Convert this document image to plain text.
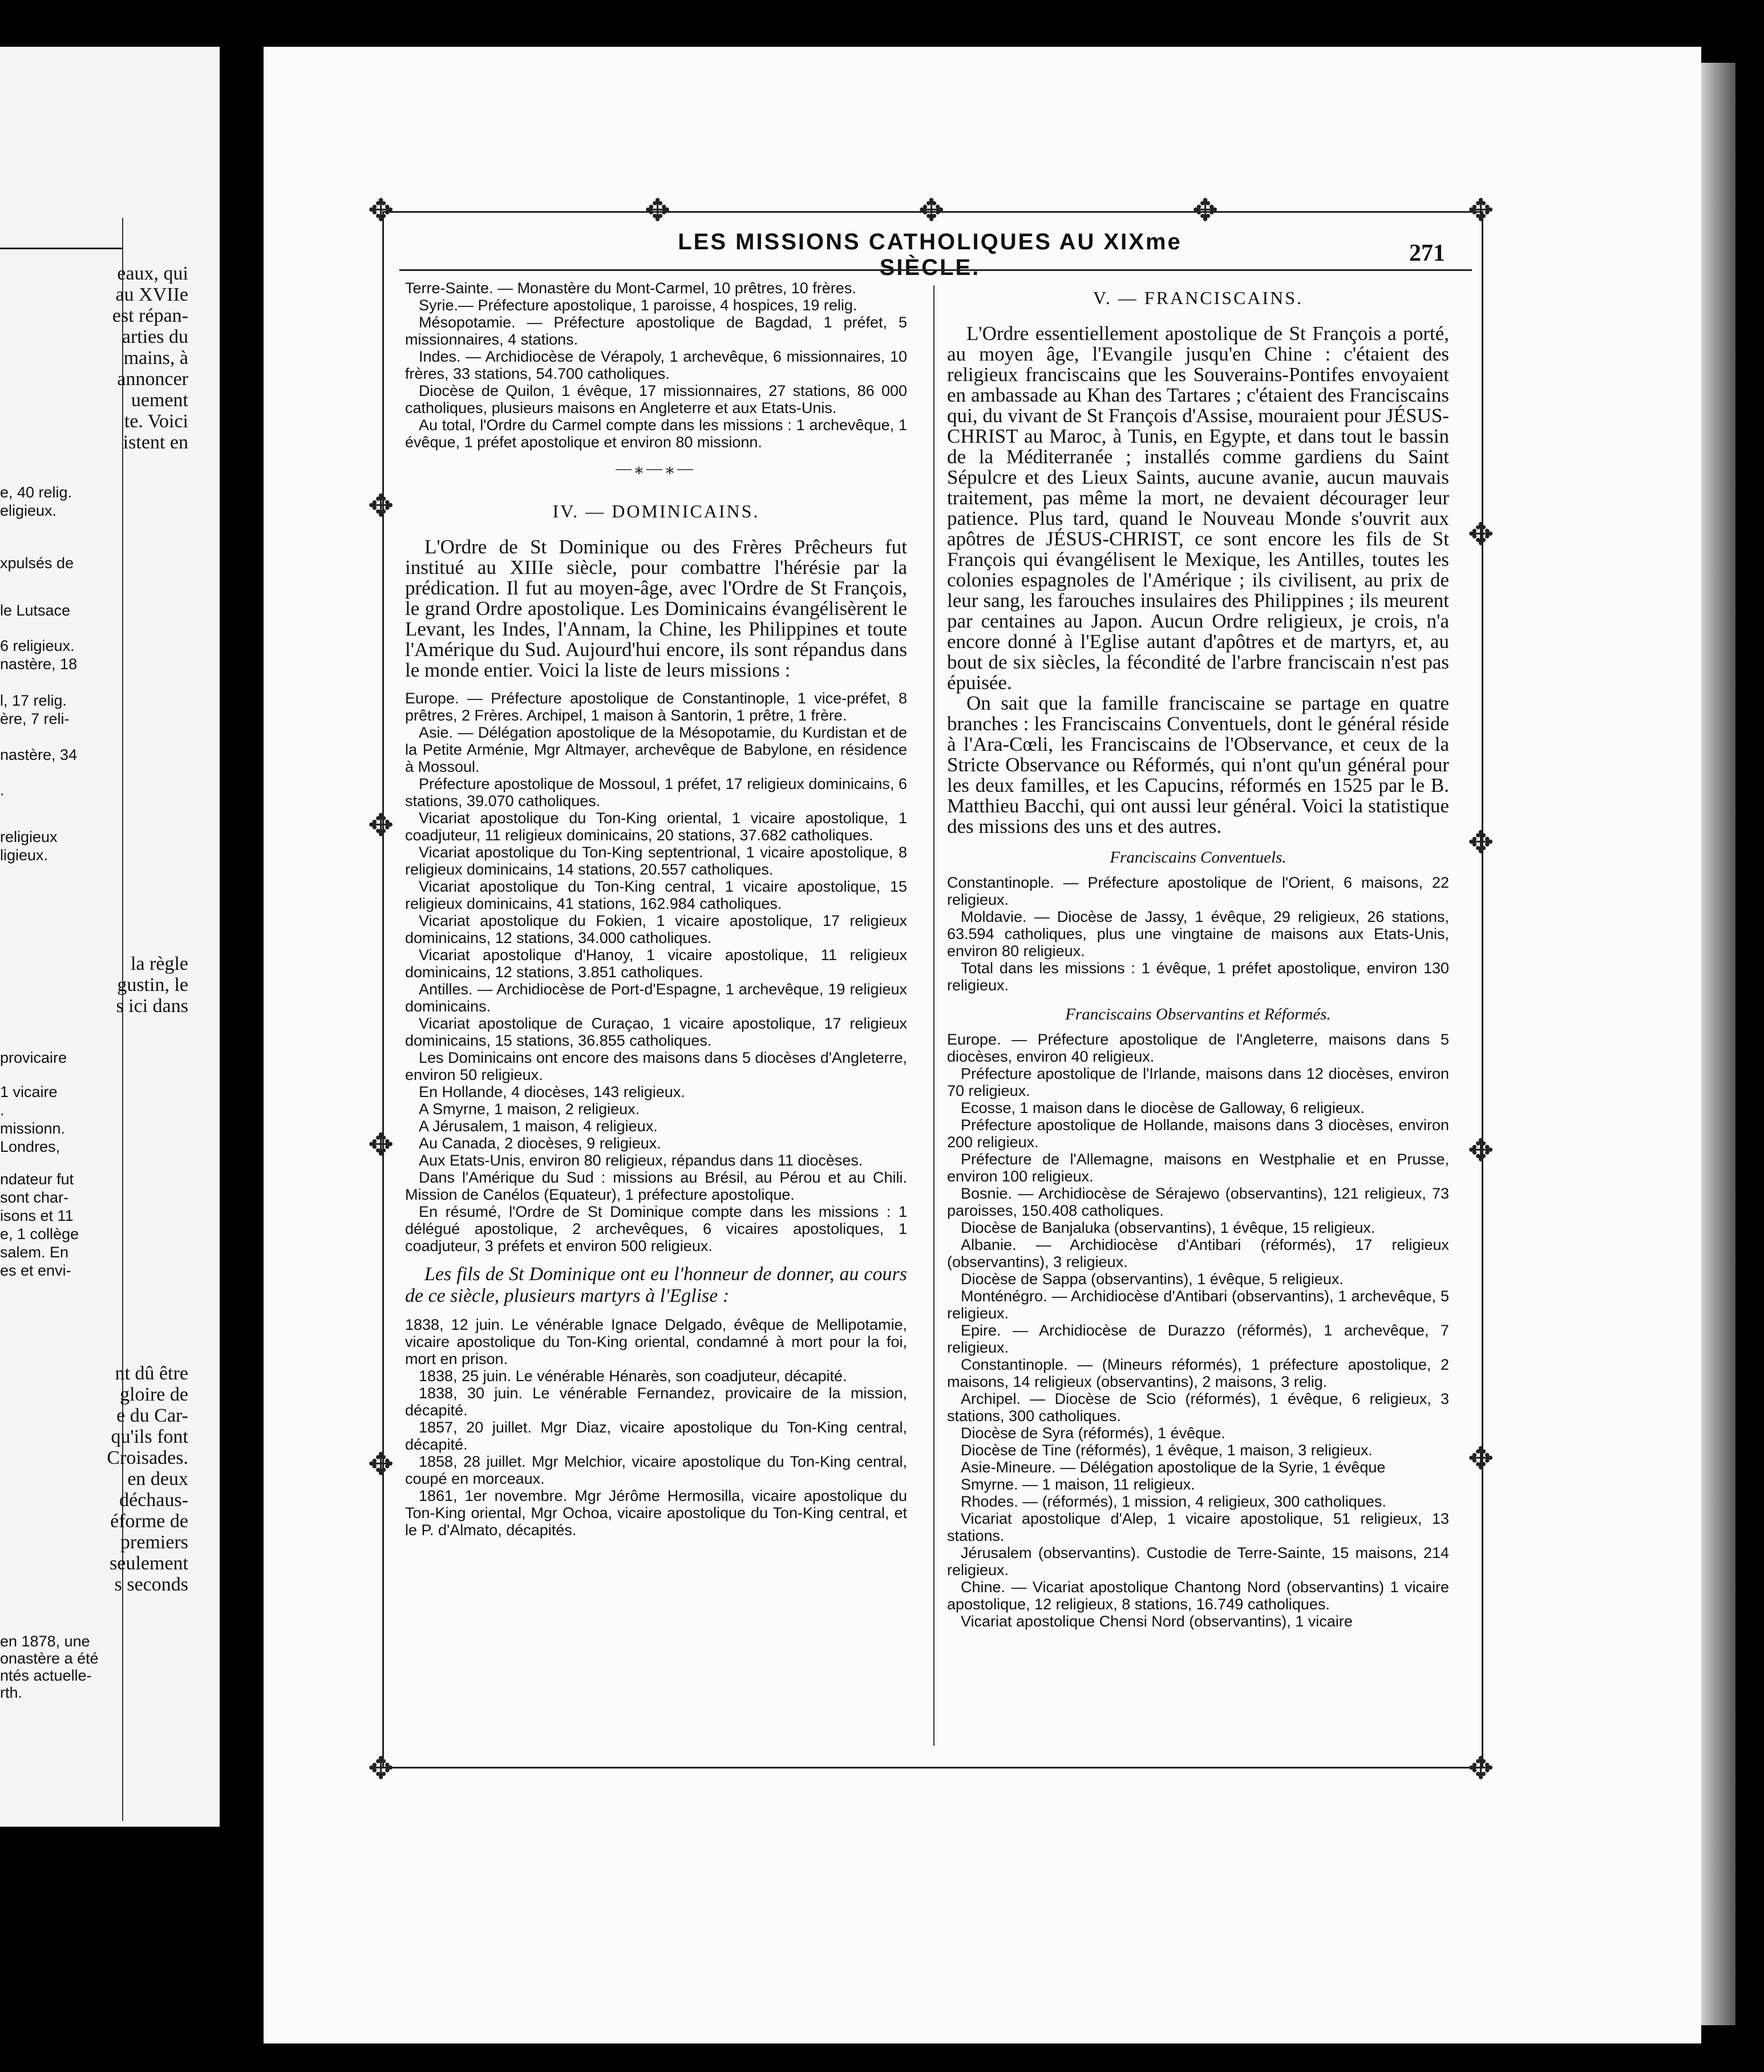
eaux, qui
au XVIIe
est répan-
arties du
mains, à
annoncer
uement
te. Voici
istent en
e, 40 relig.
eligieux.
xpulsés de
le Lutsace
6 religieux.
nastère, 18
l, 17 relig.
ère, 7 reli-
nastère, 34
.
religieux
ligieux.
la règle
gustin, le
s ici dans
provicaire
1 vicaire
.
missionn.
Londres,
ndateur fut
sont char-
isons et 11
e, 1 collège
salem. En
es et envi-
nt dû être
gloire de
e du Car-
qu'ils font
Croisades.
en deux
déchaus-
éforme de
premiers
seulement
s seconds
en 1878, une
onastère a été
ntés actuelle-
rth.
✥	✥
✥	✥
✥	✥	✥
✥
✥
✥
✥
✥
✥
✥
✥
LES MISSIONS CATHOLIQUES AU XIXme SIÈCLE.
271

Terre-Sainte. — Monastère du Mont-Carmel, 10 prêtres, 10 frères.

Syrie.— Préfecture apostolique, 1 paroisse, 4 hospices, 19 relig.

Mésopotamie. — Préfecture apostolique de Bagdad, 1 préfet, 5 missionnaires, 4 stations.

Indes. — Archidiocèse de Vérapoly, 1 archevêque, 6 missionnaires, 10 frères, 33 stations, 54.700 catholiques.

Diocèse de Quilon, 1 évêque, 17 missionnaires, 27 stations, 86 000 catholiques, plusieurs maisons en Angleterre et aux Etats-Unis.

Au total, l'Ordre du Carmel compte dans les missions : 1 archevêque, 1 évêque, 1 préfet apostolique et environ 80 missionn.

—⁎—⁎—
IV. — DOMINICAINS.

L'Ordre de St Dominique ou des Frères Prêcheurs fut institué au XIIIe siècle, pour combattre l'hérésie par la prédication. Il fut au moyen-âge, avec l'Ordre de St François, le grand Ordre apostolique. Les Dominicains évangélisèrent le Levant, les Indes, l'Annam, la Chine, les Philippines et toute l'Amérique du Sud. Aujourd'hui encore, ils sont répandus dans le monde entier. Voici la liste de leurs missions :

Europe. — Préfecture apostolique de Constantinople, 1 vice-préfet, 8 prêtres, 2 Frères. Archipel, 1 maison à Santorin, 1 prêtre, 1 frère.

Asie. — Délégation apostolique de la Mésopotamie, du Kurdistan et de la Petite Arménie, Mgr Altmayer, archevêque de Babylone, en résidence à Mossoul.

Préfecture apostolique de Mossoul, 1 préfet, 17 religieux dominicains, 6 stations, 39.070 catholiques.

Vicariat apostolique du Ton-King oriental, 1 vicaire apostolique, 1 coadjuteur, 11 religieux dominicains, 20 stations, 37.682 catholiques.

Vicariat apostolique du Ton-King septentrional, 1 vicaire apostolique, 8 religieux dominicains, 14 stations, 20.557 catholiques.

Vicariat apostolique du Ton-King central, 1 vicaire apostolique, 15 religieux dominicains, 41 stations, 162.984 catholiques.

Vicariat apostolique du Fokien, 1 vicaire apostolique, 17 religieux dominicains, 12 stations, 34.000 catholiques.

Vicariat apostolique d'Hanoy, 1 vicaire apostolique, 11 religieux dominicains, 12 stations, 3.851 catholiques.

Antilles. — Archidiocèse de Port-d'Espagne, 1 archevêque, 19 religieux dominicains.

Vicariat apostolique de Curaçao, 1 vicaire apostolique, 17 religieux dominicains, 15 stations, 36.855 catholiques.

Les Dominicains ont encore des maisons dans 5 diocèses d'Angleterre, environ 50 religieux.

En Hollande, 4 diocèses, 143 religieux.

A Smyrne, 1 maison, 2 religieux.

A Jérusalem, 1 maison, 4 religieux.

Au Canada, 2 diocèses, 9 religieux.

Aux Etats-Unis, environ 80 religieux, répandus dans 11 diocèses.

Dans l'Amérique du Sud : missions au Brésil, au Pérou et au Chili. Mission de Canélos (Equateur), 1 préfecture apostolique.

En résumé, l'Ordre de St Dominique compte dans les missions : 1 délégué apostolique, 2 archevêques, 6 vicaires apostoliques, 1 coadjuteur, 3 préfets et environ 500 religieux.

Les fils de St Dominique ont eu l'honneur de donner, au cours de ce siècle, plusieurs martyrs à l'Eglise :

1838, 12 juin. Le vénérable Ignace Delgado, évêque de Mellipotamie, vicaire apostolique du Ton-King oriental, condamné à mort pour la foi, mort en prison.

1838, 25 juin. Le vénérable Hénarès, son coadjuteur, décapité.

1838, 30 juin. Le vénérable Fernandez, provicaire de la mission, décapité.

1857, 20 juillet. Mgr Diaz, vicaire apostolique du Ton-King central, décapité.

1858, 28 juillet. Mgr Melchior, vicaire apostolique du Ton-King central, coupé en morceaux.

1861, 1er novembre. Mgr Jérôme Hermosilla, vicaire apostolique du Ton-King oriental, Mgr Ochoa, vicaire apostolique du Ton-King central, et le P. d'Almato, décapités.

V. — FRANCISCAINS.

L'Ordre essentiellement apostolique de St François a porté, au moyen âge, l'Evangile jusqu'en Chine : c'étaient des religieux franciscains que les Souverains-Pontifes envoyaient en ambassade au Khan des Tartares ; c'étaient des Franciscains qui, du vivant de St François d'Assise, mouraient pour JÉSUS-CHRIST au Maroc, à Tunis, en Egypte, et dans tout le bassin de la Méditerranée ; installés comme gardiens du Saint Sépulcre et des Lieux Saints, aucune avanie, aucun mauvais traitement, pas même la mort, ne devaient décourager leur patience. Plus tard, quand le Nouveau Monde s'ouvrit aux apôtres de JÉSUS-CHRIST, ce sont encore les fils de St François qui évangélisent le Mexique, les Antilles, toutes les colonies espagnoles de l'Amérique ; ils civilisent, au prix de leur sang, les farouches insulaires des Philippines ; ils meurent par centaines au Japon. Aucun Ordre religieux, je crois, n'a encore donné à l'Eglise autant d'apôtres et de martyrs, et, au bout de six siècles, la fécondité de l'arbre franciscain n'est pas épuisée.

On sait que la famille franciscaine se partage en quatre branches : les Franciscains Conventuels, dont le général réside à l'Ara-Cœli, les Franciscains de l'Observance, et ceux de la Stricte Observance ou Réformés, qui n'ont qu'un général pour les deux familles, et les Capucins, réformés en 1525 par le B. Matthieu Bacchi, qui ont aussi leur général. Voici la statistique des missions des uns et des autres.

Franciscains Conventuels.

Constantinople. — Préfecture apostolique de l'Orient, 6 maisons, 22 religieux.

Moldavie. — Diocèse de Jassy, 1 évêque, 29 religieux, 26 stations, 63.594 catholiques, plus une vingtaine de maisons aux Etats-Unis, environ 80 religieux.

Total dans les missions : 1 évêque, 1 préfet apostolique, environ 130 religieux.

Franciscains Observantins et Réformés.

Europe. — Préfecture apostolique de l'Angleterre, maisons dans 5 diocèses, environ 40 religieux.

Préfecture apostolique de l'Irlande, maisons dans 12 diocèses, environ 70 religieux.

Ecosse, 1 maison dans le diocèse de Galloway, 6 religieux.

Préfecture apostolique de Hollande, maisons dans 3 diocèses, environ 200 religieux.

Préfecture de l'Allemagne, maisons en Westphalie et en Prusse, environ 100 religieux.

Bosnie. — Archidiocèse de Sérajewo (observantins), 121 religieux, 73 paroisses, 150.408 catholiques.

Diocèse de Banjaluka (observantins), 1 évêque, 15 religieux.

Albanie. — Archidiocèse d'Antibari (réformés), 17 religieux (observantins), 3 religieux.

Diocèse de Sappa (observantins), 1 évêque, 5 religieux.

Monténégro. — Archidiocèse d'Antibari (observantins), 1 archevêque, 5 religieux.

Epire. — Archidiocèse de Durazzo (réformés), 1 archevêque, 7 religieux.

Constantinople. — (Mineurs réformés), 1 préfecture apostolique, 2 maisons, 14 religieux (observantins), 2 maisons, 3 relig.

Archipel. — Diocèse de Scio (réformés), 1 évêque, 6 religieux, 3 stations, 300 catholiques.

Diocèse de Syra (réformés), 1 évêque.

Diocèse de Tine (réformés), 1 évêque, 1 maison, 3 religieux.

Asie-Mineure. — Délégation apostolique de la Syrie, 1 évêque

Smyrne. — 1 maison, 11 religieux.

Rhodes. — (réformés), 1 mission, 4 religieux, 300 catholiques.

Vicariat apostolique d'Alep, 1 vicaire apostolique, 51 religieux, 13 stations.

Jérusalem (observantins). Custodie de Terre-Sainte, 15 maisons, 214 religieux.

Chine. — Vicariat apostolique Chantong Nord (observantins) 1 vicaire apostolique, 12 religieux, 8 stations, 16.749 catholiques.

Vicariat apostolique Chensi Nord (observantins), 1 vicaire
